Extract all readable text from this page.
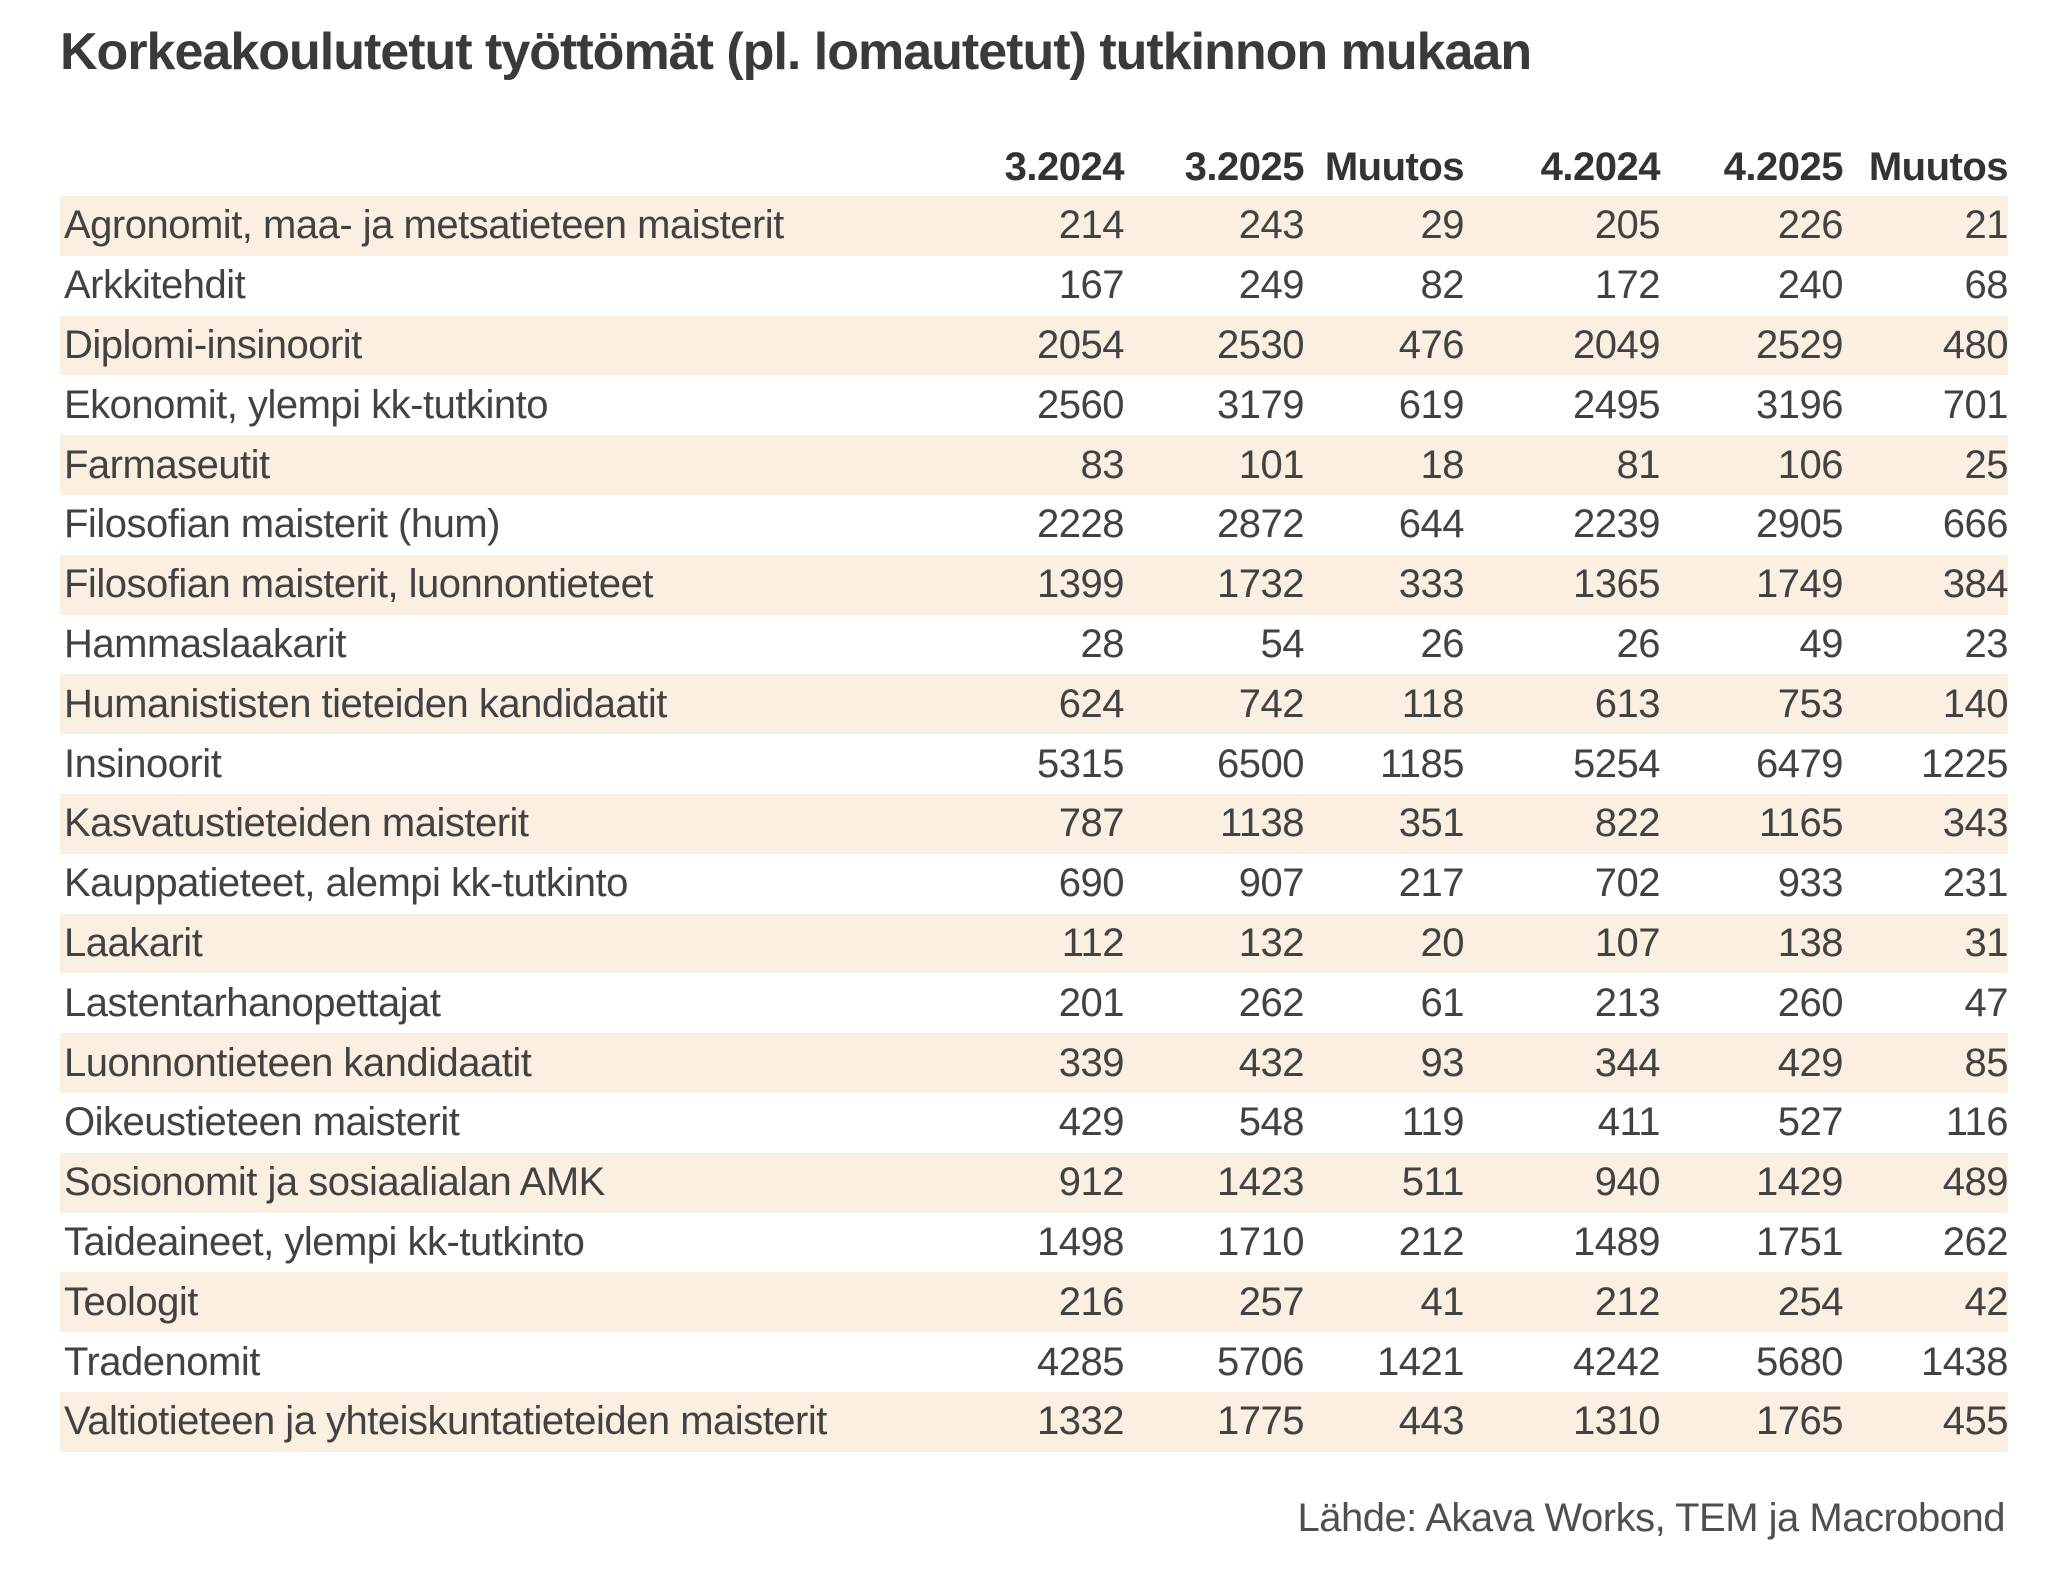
Korkeakoulutetut työttömät (pl. lomautetut) tutkinnon mukaan
	3.2024	3.2025	Muutos	4.2024	4.2025	Muutos
Agronomit, maa- ja metsatieteen maisterit	214	243	29	205	226	21
Arkkitehdit	167	249	82	172	240	68
Diplomi-insinoorit	2054	2530	476	2049	2529	480
Ekonomit, ylempi kk-tutkinto	2560	3179	619	2495	3196	701
Farmaseutit	83	101	18	81	106	25
Filosofian maisterit (hum)	2228	2872	644	2239	2905	666
Filosofian maisterit, luonnontieteet	1399	1732	333	1365	1749	384
Hammaslaakarit	28	54	26	26	49	23
Humanististen tieteiden kandidaatit	624	742	118	613	753	140
Insinoorit	5315	6500	1185	5254	6479	1225
Kasvatustieteiden maisterit	787	1138	351	822	1165	343
Kauppatieteet, alempi kk-tutkinto	690	907	217	702	933	231
Laakarit	112	132	20	107	138	31
Lastentarhanopettajat	201	262	61	213	260	47
Luonnontieteen kandidaatit	339	432	93	344	429	85
Oikeustieteen maisterit	429	548	119	411	527	116
Sosionomit ja sosiaalialan AMK	912	1423	511	940	1429	489
Taideaineet, ylempi kk-tutkinto	1498	1710	212	1489	1751	262
Teologit	216	257	41	212	254	42
Tradenomit	4285	5706	1421	4242	5680	1438
Valtiotieteen ja yhteiskuntatieteiden maisterit	1332	1775	443	1310	1765	455
Lähde: Akava Works, TEM ja Macrobond
